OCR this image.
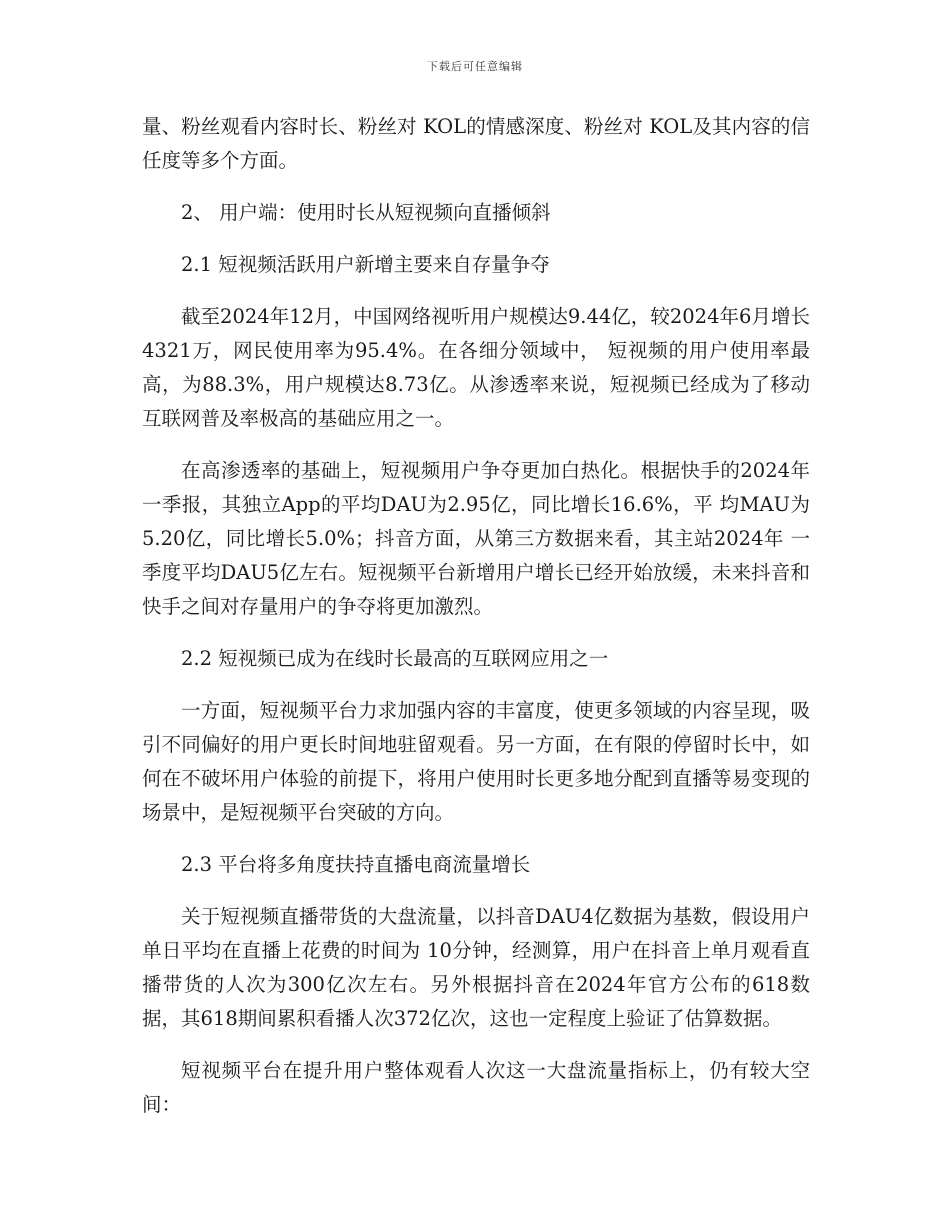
下载后可任意编辑

量、粉丝观看内容时长、粉丝对 KOL的情感深度、粉丝对 KOL及其内容的信任度等多个方面。

2、 用户端：使用时长从短视频向直播倾斜

2.1 短视频活跃用户新增主要来自存量争夺

截至2024年12月，中国网络视听用户规模达9.44亿，较2024年6月增长4321万，网民使用率为95.4%。在各细分领域中， 短视频的用户使用率最高，为88.3%，用户规模达8.73亿。从渗透率来说，短视频已经成为了移动互联网普及率极高的基础应用之一。

在高渗透率的基础上，短视频用户争夺更加白热化。根据快手的2024年一季报，其独立App的平均DAU为2.95亿，同比增长16.6%，平 均MAU为5.20亿，同比增长5.0%；抖音方面，从第三方数据来看，其主站2024年 一季度平均DAU5亿左右。短视频平台新增用户增长已经开始放缓，未来抖音和快手之间对存量用户的争夺将更加激烈。

2.2 短视频已成为在线时长最高的互联网应用之一

一方面，短视频平台力求加强内容的丰富度，使更多领域的内容呈现，吸引不同偏好的用户更长时间地驻留观看。另一方面，在有限的停留时长中，如何在不破坏用户体验的前提下，将用户使用时长更多地分配到直播等易变现的场景中，是短视频平台突破的方向。

2.3 平台将多角度扶持直播电商流量增长

关于短视频直播带货的大盘流量，以抖音DAU4亿数据为基数，假设用户单日平均在直播上花费的时间为 10分钟，经测算，用户在抖音上单月观看直播带货的人次为300亿次左右。另外根据抖音在2024年官方公布的618数据，其618期间累积看播人次372亿次，这也一定程度上验证了估算数据。

短视频平台在提升用户整体观看人次这一大盘流量指标上，仍有较大空间：
